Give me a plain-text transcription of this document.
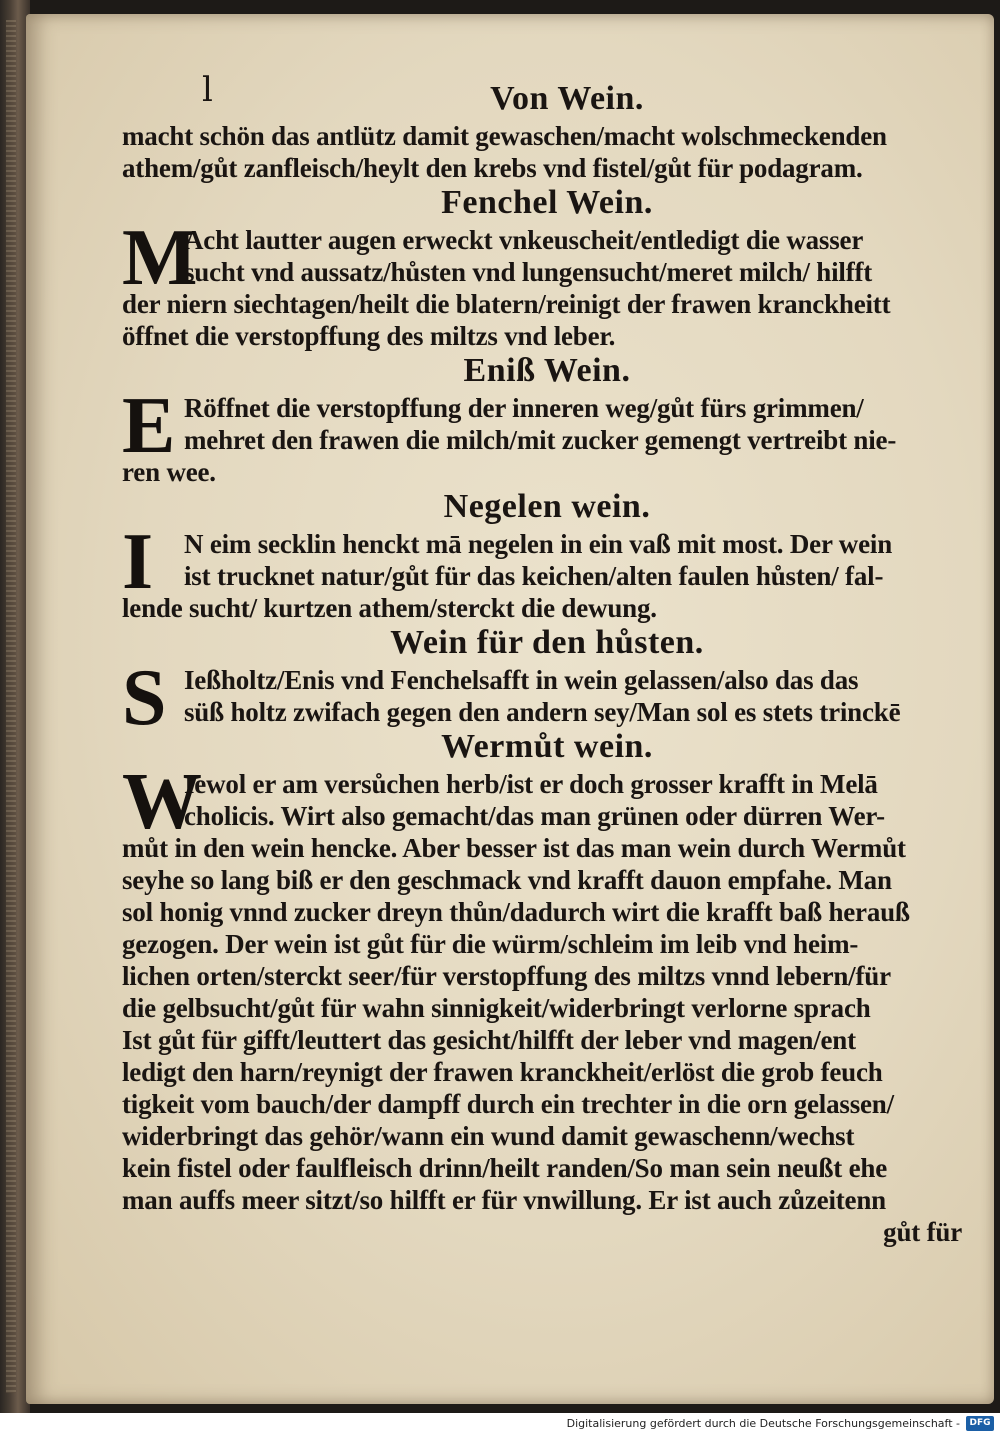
l	Von Wein.
macht schön das antlütz damit gewaschen/macht wolschmeckenden
athem/gůt zanfleisch/heylt den krebs vnd fistel/gůt für podagram.
Fenchel Wein.
M
Acht lautter augen erweckt vnkeuscheit/entledigt die wasser
sucht vnd aussatz/hůsten vnd lungensucht/meret milch/ hilfft
der niern siechtagen/heilt die blatern/reinigt der frawen kranckheitt
öffnet die verstopffung des miltzs vnd leber.
Eniß Wein.
E Röffnet die verstopffung der inneren weg/gůt fürs grimmen/
mehret den frawen die milch/mit zucker gemengt vertreibt nie-
ren wee.
Negelen wein.
I	N eim secklin henckt mā negelen in ein vaß mit most. Der wein
ist trucknet natur/gůt für das keichen/alten faulen hůsten/ fal-
lende sucht/ kurtzen athem/sterckt die dewung.
Wein für den hůsten.
S Ießholtz/Enis vnd Fenchelsafft in wein gelassen/also das das
süß holtz zwifach gegen den andern sey/Man sol es stets trinckē
Wermůt wein.
W
Iewol er am versůchen herb/ist er doch grosser krafft in Melā
cholicis. Wirt also gemacht/das man grünen oder dürren Wer-
můt in den wein hencke. Aber besser ist das man wein durch Wermůt
seyhe so lang biß er den geschmack vnd krafft dauon empfahe. Man
sol honig vnnd zucker dreyn thůn/dadurch wirt die krafft baß herauß
gezogen. Der wein ist gůt für die würm/schleim im leib vnd heim-
lichen orten/sterckt seer/für verstopffung des miltzs vnnd lebern/für
die gelbsucht/gůt für wahn sinnigkeit/widerbringt verlorne sprach
Ist gůt für gifft/leuttert das gesicht/hilfft der leber vnd magen/ent
ledigt den harn/reynigt der frawen kranckheit/erlöst die grob feuch
tigkeit vom bauch/der dampff durch ein trechter in die orn gelassen/
widerbringt das gehör/wann ein wund damit gewaschenn/wechst
kein fistel oder faulfleisch drinn/heilt randen/So man sein neußt ehe
man auffs meer sitzt/so hilfft er für vnwillung. Er ist auch zůzeitenn
gůt für
Digitalisierung gefördert durch die Deutsche Forschungsgemeinschaft -	DFG
